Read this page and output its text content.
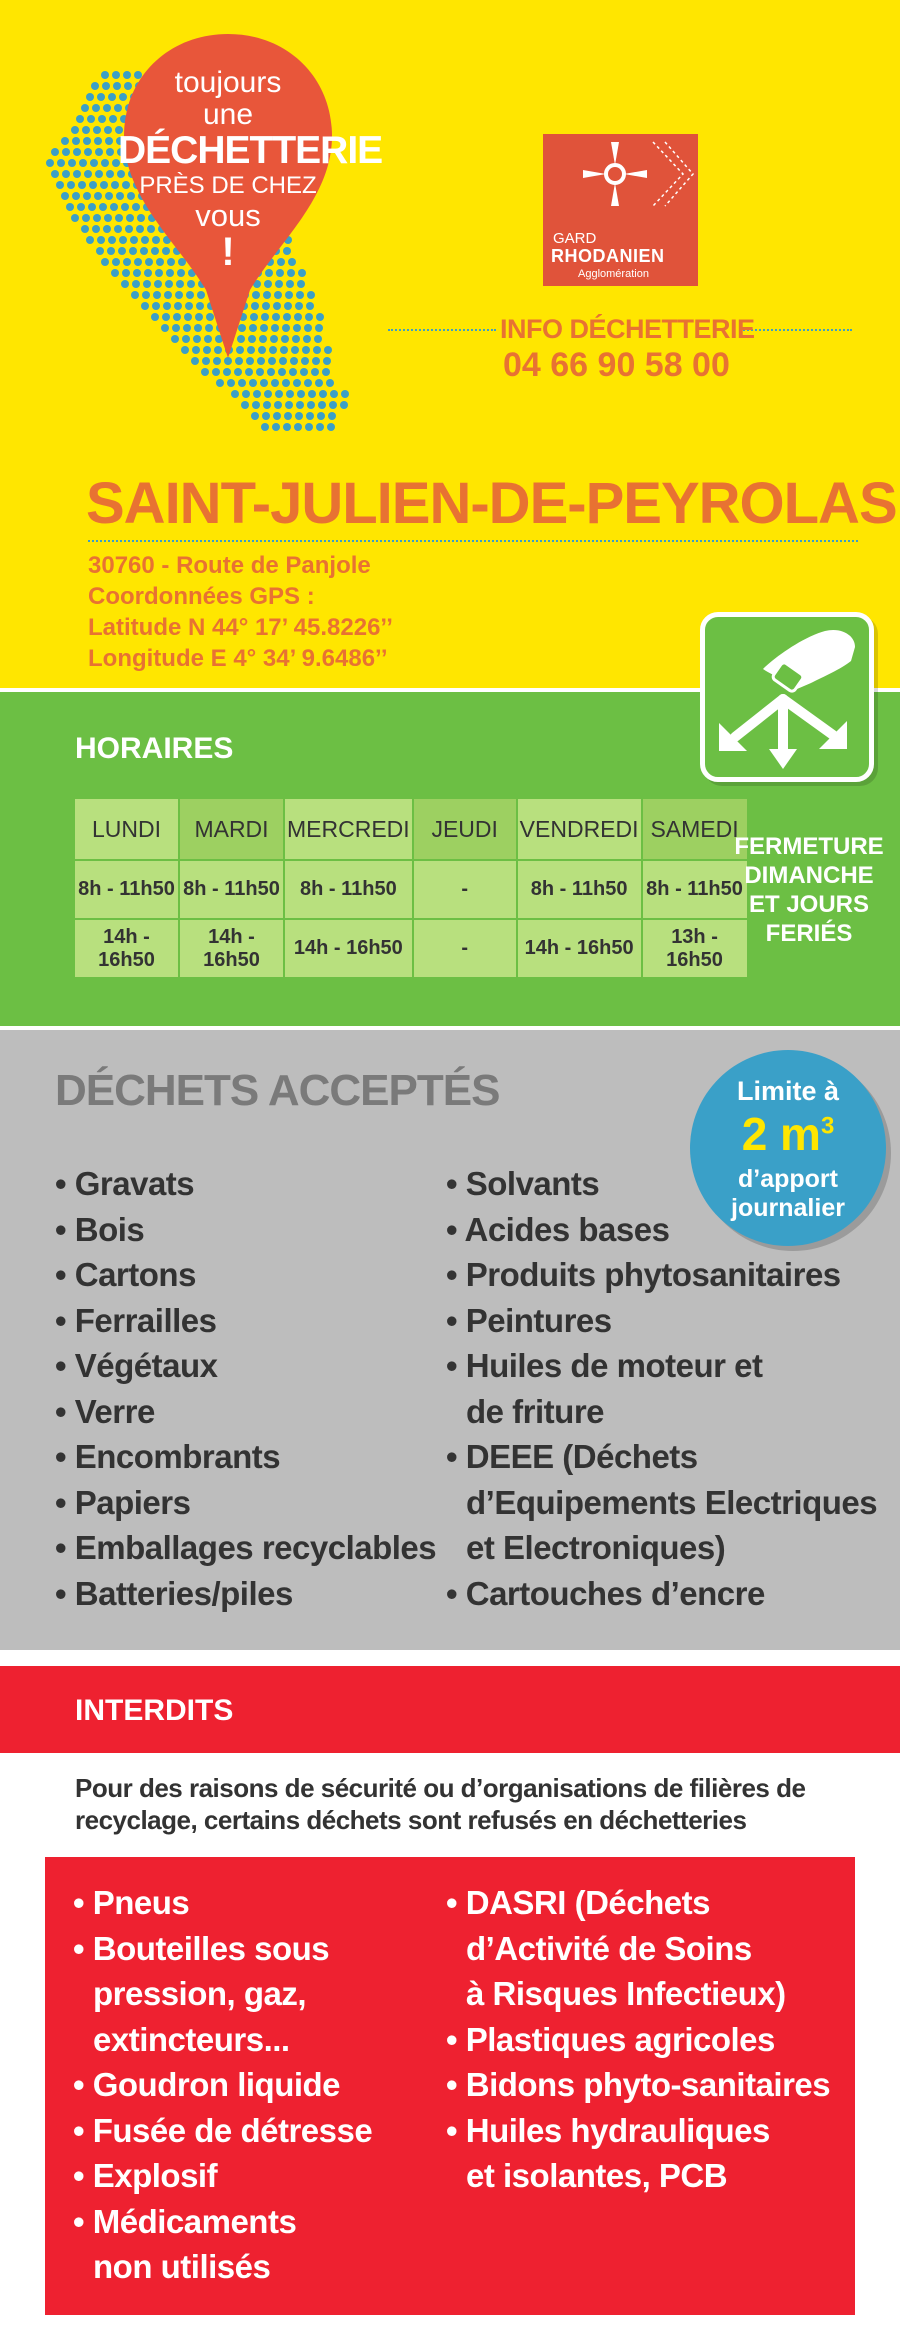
toujours
une
DÉCHETTERIE
PRÈS DE CHEZ
vous
!	GARD
RHODANIEN
Agglomération
INFO DÉCHETTERIE
04 66 90 58 00
SAINT-JULIEN-DE-PEYROLAS
30760 - Route de Panjole
Coordonnées GPS :
Latitude N 44° 17’ 45.8226’’
Longitude E 4° 34’ 9.6486’’
HORAIRES
LUNDI	MARDI	MERCREDI	JEUDI	VENDREDI	SAMEDI
8h - 11h50	8h - 11h50	8h - 11h50	-	8h - 11h50	8h - 11h50
14h - 16h50	14h - 16h50	14h - 16h50	-	14h - 16h50	13h - 16h50
FERMETURE
DIMANCHE
ET JOURS
FERIÉS
DÉCHETS ACCEPTÉS
• Gravats
• Bois
• Cartons
• Ferrailles
• Végétaux
• Verre
• Encombrants
• Papiers
• Emballages recyclables
• Batteries/piles
• Solvants
• Acides bases
• Produits phytosanitaires
• Peintures
• Huiles de moteur et
de friture
• DEEE (Déchets
d’Equipements Electriques
et Electroniques)
• Cartouches d’encre
Limite à
2 $m^3$
d’apport
journalier
INTERDITS
Pour des raisons de sécurité ou d’organisations de filières de recyclage, certains déchets sont refusés en déchetteries
• Pneus
• Bouteilles sous
pression, gaz,
extincteurs...
• Goudron liquide
• Fusée de détresse
• Explosif
• Médicaments
non utilisés
• DASRI (Déchets
d’Activité de Soins
à Risques Infectieux)
• Plastiques agricoles
• Bidons phyto-sanitaires
• Huiles hydrauliques
et isolantes, PCB
